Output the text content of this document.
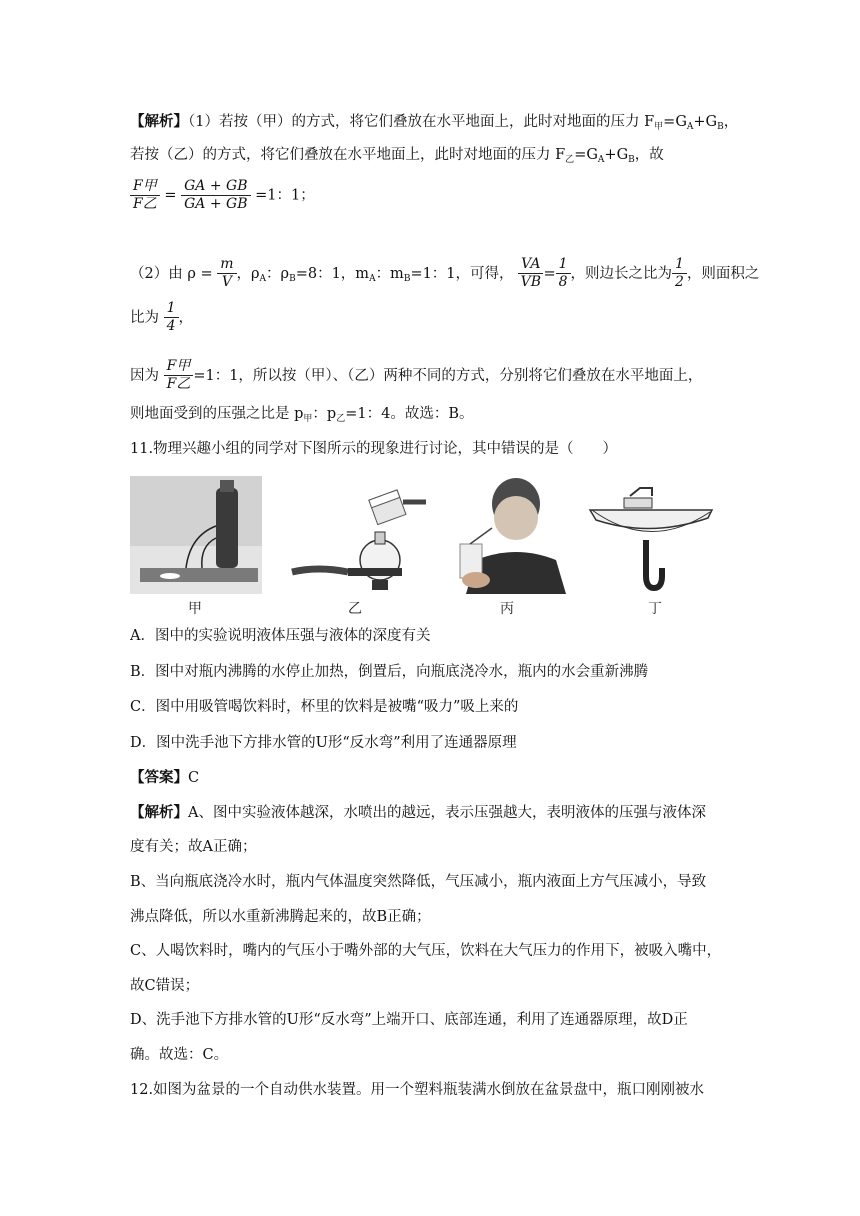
【解析】（1）若按（甲）的方式，将它们叠放在水平地面上，此时对地面的压力 $F_甲=G_A+G_B$，
若按（乙）的方式，将它们叠放在水平地面上，此时对地面的压力 $F_乙=G_A+G_B$，故
$\frac{\text{F甲}}{\text{F乙}} = \frac{GA + GB}{GA + GB} =1$：1；
（2）由 $\rho = \frac{m}{V}$ ，$\rho_A$：$\rho_B=8$：1，$m_A$：$m_B=1$：1，可得， $\frac{VA}{VB} = \frac{1}{8}$ ，则边长之比为 $\frac{1}{2}$ ，则面积之
比为 $\frac{1}{4}$ ，
因为 $\frac{\text{F甲}}{\text{F乙}} =1$：1，所以按（甲）、（乙）两种不同的方式，分别将它们叠放在水平地面上，
则地面受到的压强之比是 $p_甲$：$p_乙=1$：4。故选：B。
11.物理兴趣小组的同学对下图所示的现象进行讨论，其中错误的是（　　）
甲	乙	丙	丁
A．图中的实验说明液体压强与液体的深度有关
B．图中对瓶内沸腾的水停止加热，倒置后，向瓶底浇冷水，瓶内的水会重新沸腾
C．图中用吸管喝饮料时，杯里的饮料是被嘴“吸力”吸上来的
D．图中洗手池下方排水管的U形“反水弯”利用了连通器原理
【答案】C
【解析】A、图中实验液体越深，水喷出的越远，表示压强越大，表明液体的压强与液体深
度有关；故A正确；
B、当向瓶底浇冷水时，瓶内气体温度突然降低，气压减小，瓶内液面上方气压减小，导致
沸点降低，所以水重新沸腾起来的，故B正确；
C、人喝饮料时，嘴内的气压小于嘴外部的大气压，饮料在大气压力的作用下，被吸入嘴中，
故C错误；
D、洗手池下方排水管的U形“反水弯”上端开口、底部连通，利用了连通器原理，故D正
确。故选：C。
12.如图为盆景的一个自动供水装置。用一个塑料瓶装满水倒放在盆景盘中，瓶口刚刚被水
